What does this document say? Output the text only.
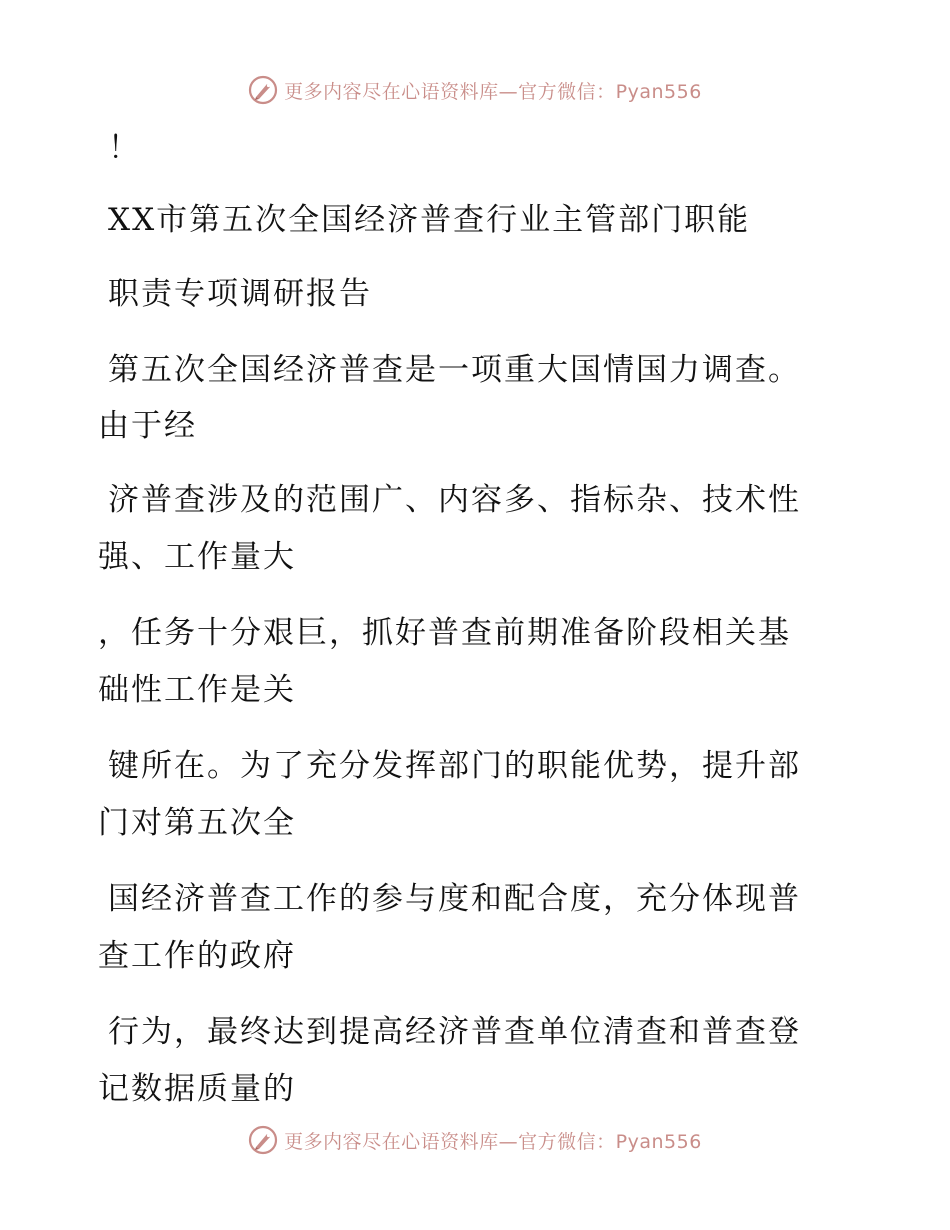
更多内容尽在心语资料库—官方微信：Pyan556
！
XX市第五次全国经济普查行业主管部门职能
职责专项调研报告
第五次全国经济普查是一项重大国情国力调查。
由于经
济普查涉及的范围广、内容多、指标杂、技术性
强、工作量大
，任务十分艰巨，抓好普查前期准备阶段相关基
础性工作是关
键所在。为了充分发挥部门的职能优势，提升部
门对第五次全
国经济普查工作的参与度和配合度，充分体现普
查工作的政府
行为，最终达到提高经济普查单位清查和普查登
记数据质量的
更多内容尽在心语资料库—官方微信：Pyan556
